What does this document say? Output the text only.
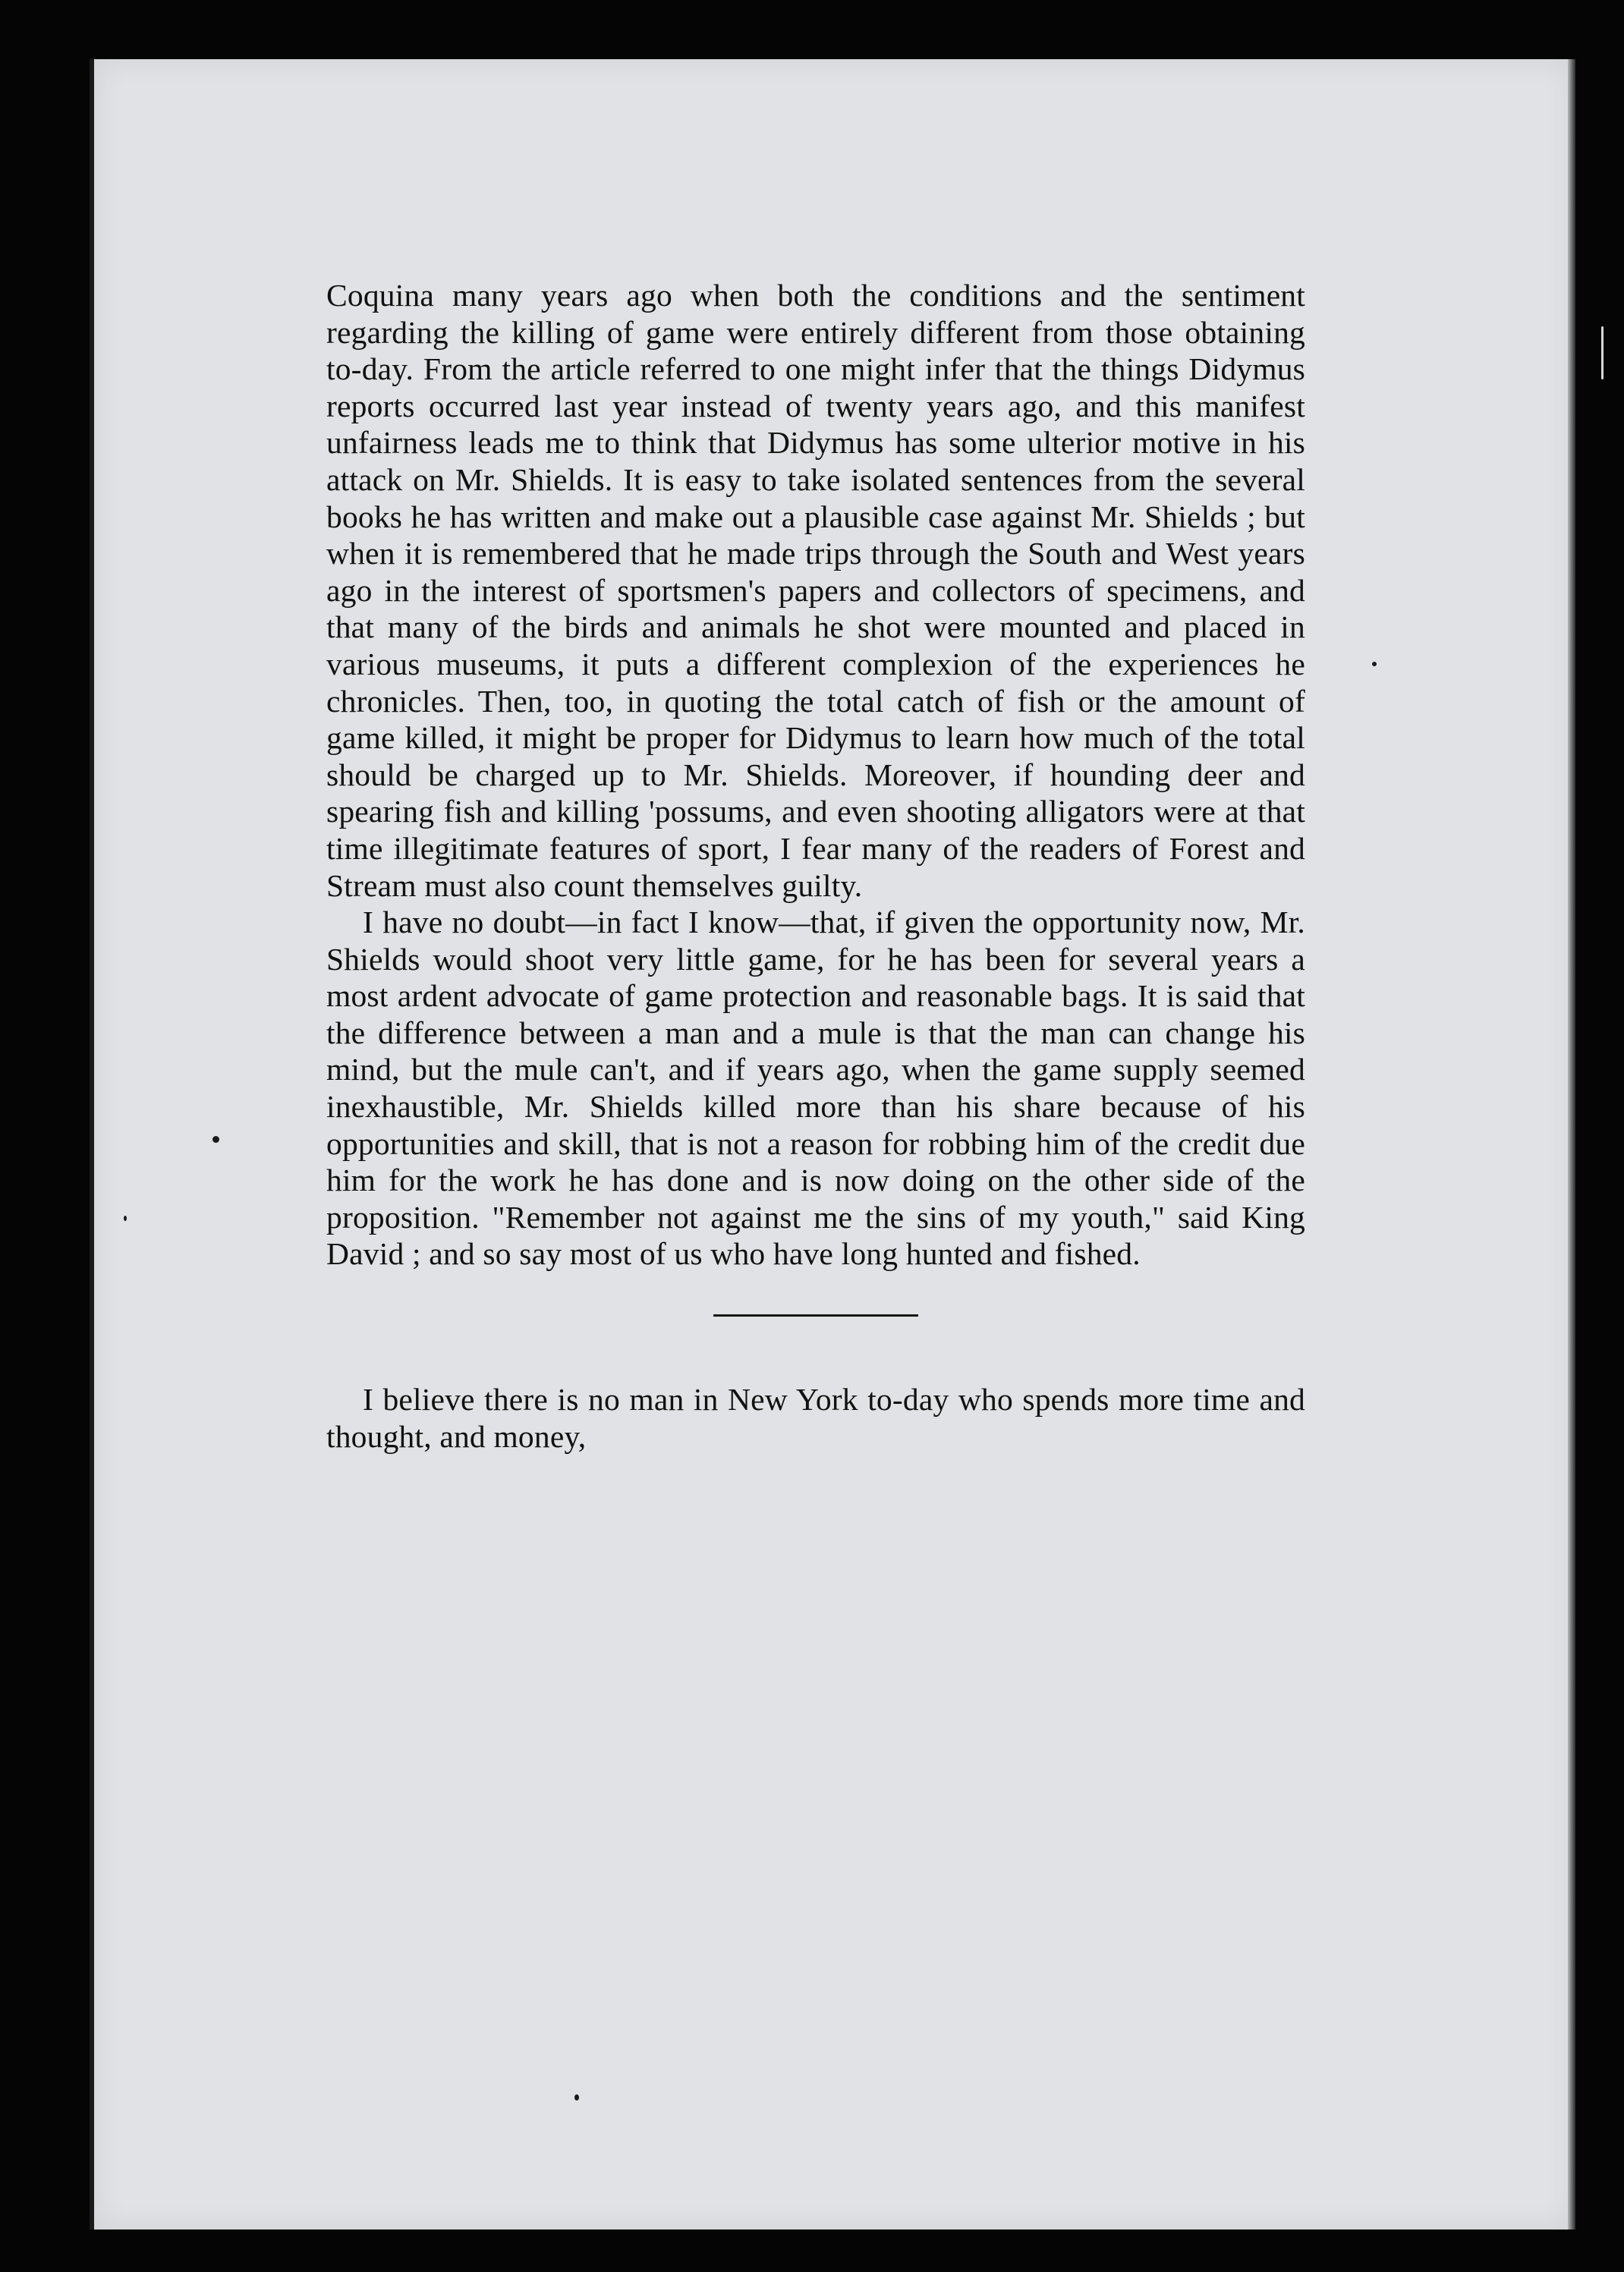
Coquina many years ago when both the conditions and the sentiment regarding the killing of game were entirely different from those obtaining to-day. From the article referred to one might infer that the things Didymus reports occurred last year instead of twenty years ago, and this manifest unfairness leads me to think that Didymus has some ulterior motive in his attack on Mr. Shields. It is easy to take isolated sentences from the several books he has written and make out a plausible case against Mr. Shields ; but when it is remembered that he made trips through the South and West years ago in the interest of sportsmen's papers and collectors of specimens, and that many of the birds and animals he shot were mounted and placed in various museums, it puts a different complexion of the experiences he chronicles. Then, too, in quoting the total catch of fish or the amount of game killed, it might be proper for Didymus to learn how much of the total should be charged up to Mr. Shields. Moreover, if hounding deer and spearing fish and killing 'possums, and even shooting alligators were at that time illegitimate features of sport, I fear many of the readers of Forest and Stream must also count themselves guilty.

I have no doubt—in fact I know—that, if given the opportunity now, Mr. Shields would shoot very little game, for he has been for several years a most ardent advocate of game protection and reasonable bags. It is said that the difference between a man and a mule is that the man can change his mind, but the mule can't, and if years ago, when the game supply seemed inexhaustible, Mr. Shields killed more than his share because of his opportunities and skill, that is not a reason for robbing him of the credit due him for the work he has done and is now doing on the other side of the proposition. "Remember not against me the sins of my youth," said King David ; and so say most of us who have long hunted and fished.

I believe there is no man in New York to-day who spends more time and thought, and money,
